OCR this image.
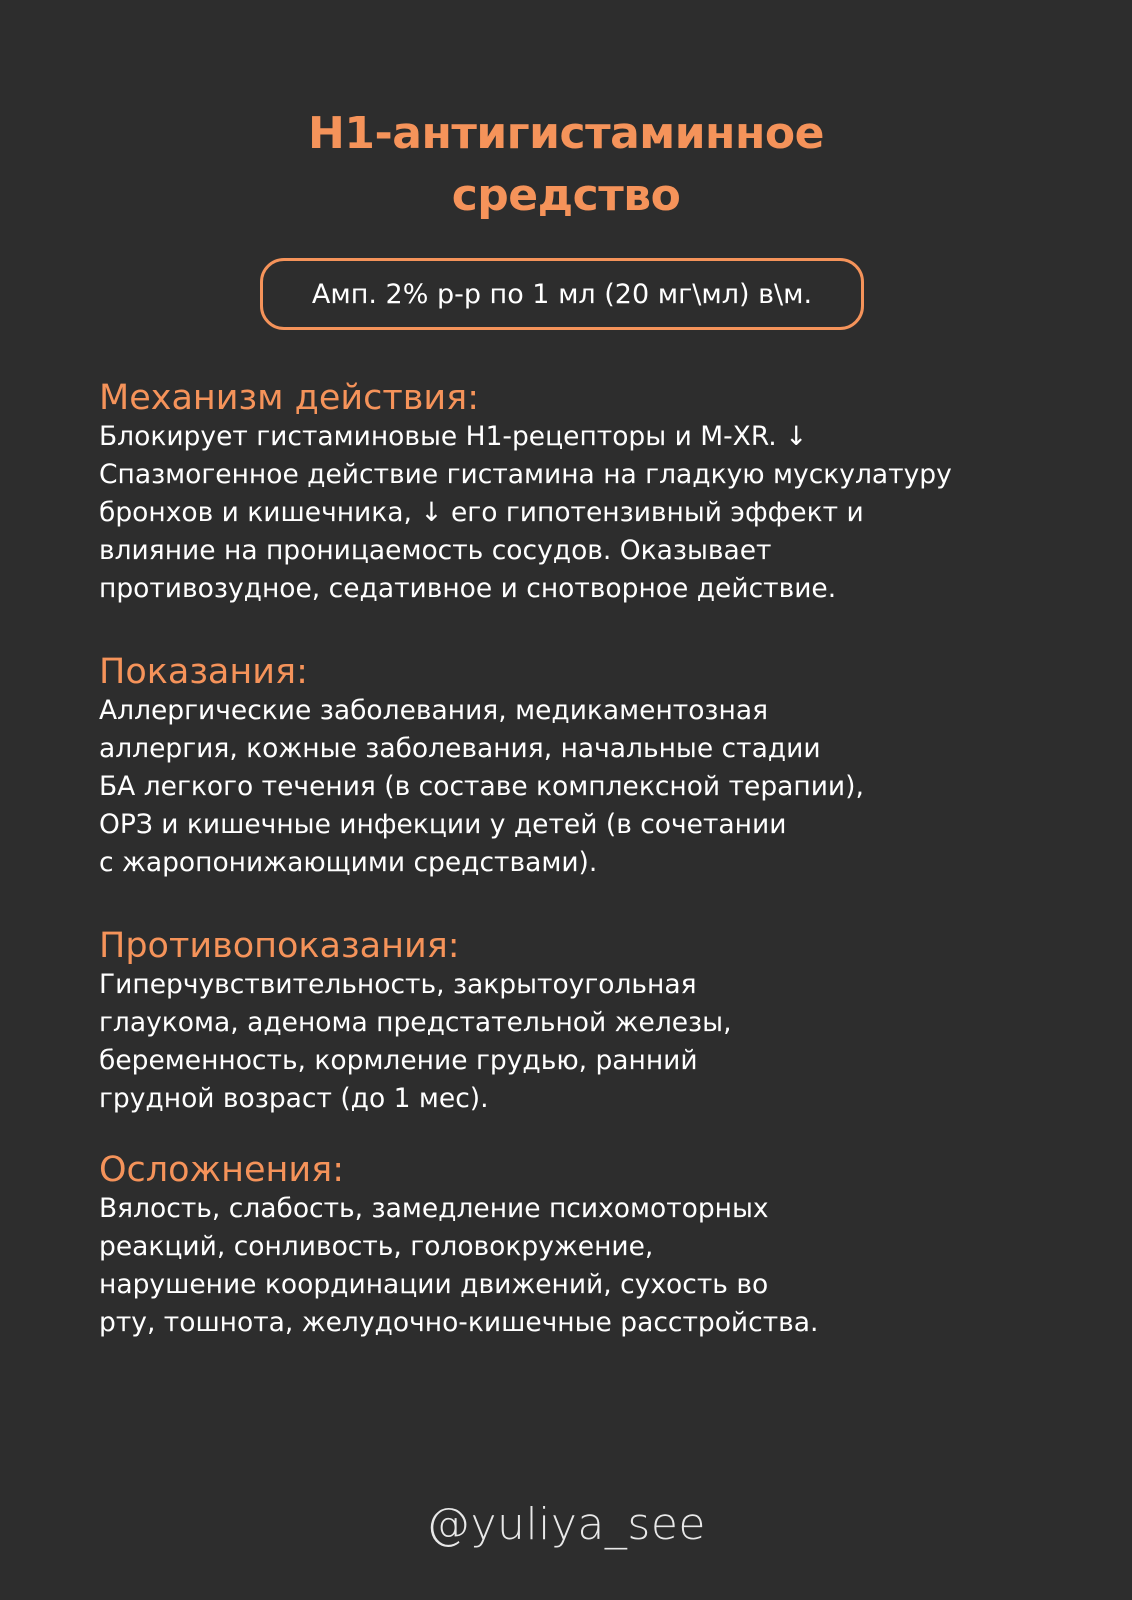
Н1-антигистаминное
средство
Амп. 2% р-р по 1 мл (20 мг\мл) в\м.
Механизм действия:
Блокирует гистаминовые Н1-рецепторы и М-ХR. ↓
Спазмогенное действие гистамина на гладкую мускулатуру
бронхов и кишечника, ↓ его гипотензивный эффект и
влияние на проницаемость сосудов. Оказывает
противозудное, седативное и снотворное действие.
Показания:
Аллергические заболевания, медикаментозная
аллергия, кожные заболевания, начальные стадии
БА легкого течения (в составе комплексной терапии),
ОРЗ и кишечные инфекции у детей (в сочетании
с жаропонижающими средствами).
Противопоказания:
Гиперчувствительность, закрытоугольная
глаукома, аденома предстательной железы,
беременность, кормление грудью, ранний
грудной возраст (до 1 мес).
Осложнения:
Вялость, слабость, замедление психомоторных
реакций, сонливость, головокружение,
нарушение координации движений, сухость во
рту, тошнота, желудочно-кишечные расстройства.
@yuliya_see
